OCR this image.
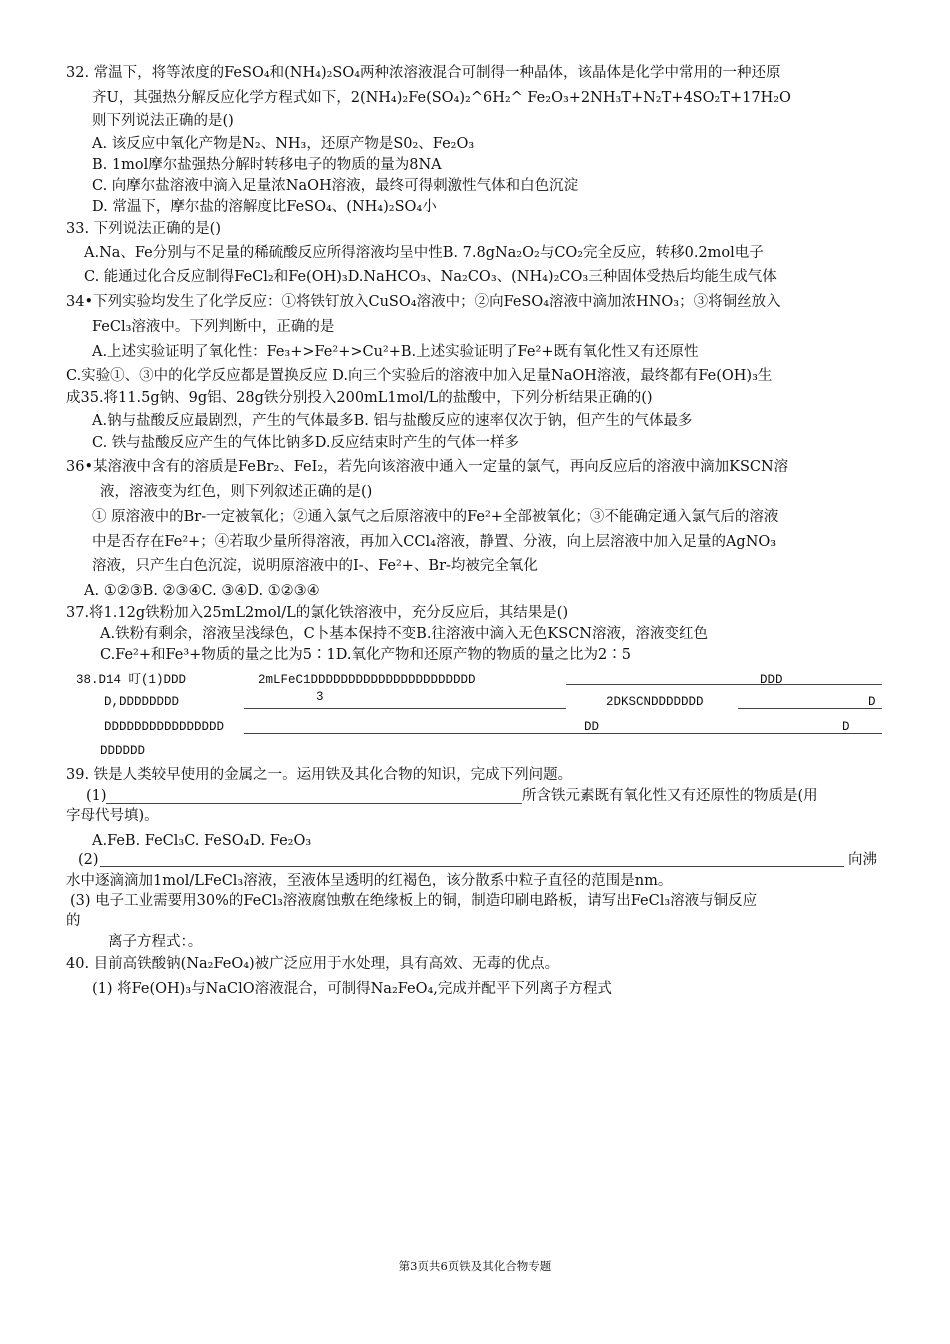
32. 常温下，将等浓度的FeSO₄和(NH₄)₂SO₄两种浓溶液混合可制得一种晶体，该晶体是化学中常用的一种还原
齐U，其强热分解反应化学方程式如下，2(NH₄)₂Fe(SO₄)₂^6H₂^ Fe₂O₃+2NH₃T+N₂T+4SO₂T+17H₂O
则下列说法正确的是()
A. 该反应中氧化产物是N₂、NH₃，还原产物是S0₂、Fe₂O₃
B. 1mol摩尔盐强热分解时转移电子的物质的量为8NA
C. 向摩尔盐溶液中滴入足量浓NaOH溶液，最终可得刺激性气体和白色沉淀
D. 常温下，摩尔盐的溶解度比FeSO₄、(NH₄)₂SO₄小
33. 下列说法正确的是()
A.Na、Fe分别与不足量的稀硫酸反应所得溶液均呈中性B. 7.8gNa₂O₂与CO₂完全反应，转移0.2mol电子
C. 能通过化合反应制得FeCl₂和Fe(OH)₃D.NaHCO₃、Na₂CO₃、(NH₄)₂CO₃三种固体受热后均能生成气体
34•下列实验均发生了化学反应：①将铁钉放入CuSO₄溶液中；②向FeSO₄溶液中滴加浓HNO₃；③将铜丝放入
FeCl₃溶液中。下列判断中，正确的是
A.上述实验证明了氧化性：Fe₃+>Fe²+>Cu²+B.上述实验证明了Fe²+既有氧化性又有还原性
C.实验①、③中的化学反应都是置换反应 D.向三个实验后的溶液中加入足量NaOH溶液，最终都有Fe(OH)₃生
成35.将11.5g钠、9g铝、28g铁分别投入200mL1mol/L的盐酸中，下列分析结果正确的()
A.钠与盐酸反应最剧烈，产生的气体最多B. 铝与盐酸反应的速率仅次于钠，但产生的气体最多
C. 铁与盐酸反应产生的气体比钠多D.反应结束时产生的气体一样多
36•某溶液中含有的溶质是FeBr₂、FeI₂，若先向该溶液中通入一定量的氯气，再向反应后的溶液中滴加KSCN溶
液，溶液变为红色，则下列叙述正确的是()
① 原溶液中的Br-一定被氧化；②通入氯气之后原溶液中的Fe²+全部被氧化；③不能确定通入氯气后的溶液
中是否存在Fe²+；④若取少量所得溶液，再加入CCl₄溶液，静置、分液，向上层溶液中加入足量的AgNO₃
溶液，只产生白色沉淀，说明原溶液中的I-、Fe²+、Br-均被完全氧化
A. ①②③B. ②③④C. ③④D. ①②③④
37.将1.12g铁粉加入25mL2mol/L的氯化铁溶液中，充分反应后，其结果是()
A.铁粉有剩余，溶液呈浅绿色，C卜基本保持不变B.往溶液中滴入无色KSCN溶液，溶液变红色
C.Fe²+和Fe³+物质的量之比为5∶1D.氧化产物和还原产物的物质的量之比为2∶5
38.D14 叮(1)DDD	2mLFeC1DDDDDDDDDDDDDDDDDDDDDD	DDD
D,DDDDDDDD	3	2DKSCNDDDDDDD	D
DDDDDDDDDDDDDDDD	DD	D
DDDDDD
39. 铁是人类较早使用的金属之一。运用铁及其化合物的知识，完成下列问题。
(1)	所含铁元素既有氧化性又有还原性的物质是(用
字母代号填)。
A.FeB. FeCl₃C. FeSO₄D. Fe₂O₃
(2)	向沸
水中逐滴滴加1mol/LFeCl₃溶液，至液体呈透明的红褐色，该分散系中粒子直径的范围是nm。
(3) 电子工业需要用30%的FeCl₃溶液腐蚀敷在绝缘板上的铜，制造印刷电路板，请写出FeCl₃溶液与铜反应
的
离子方程式：。
40. 目前高铁酸钠(Na₂FeO₄)被广泛应用于水处理，具有高效、无毒的优点。
(1) 将Fe(OH)₃与NaClO溶液混合，可制得Na₂FeO₄,完成并配平下列离子方程式
第3页共6页铁及其化合物专题
